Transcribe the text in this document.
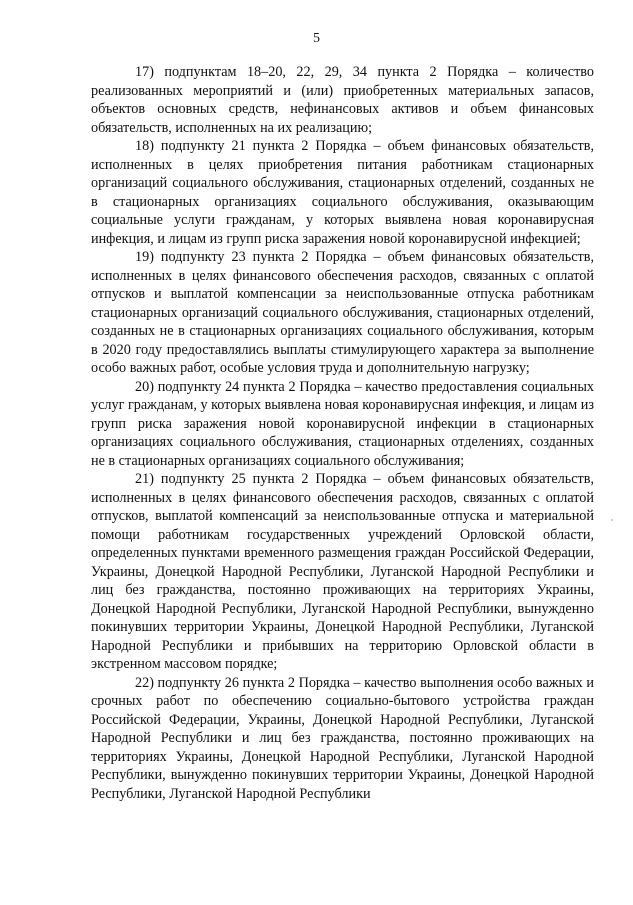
5

17) подпунктам 18–20, 22, 29, 34 пункта 2 Порядка – количество реализованных мероприятий и (или) приобретенных материальных запасов, объектов основных средств, нефинансовых активов и объем финансовых обязательств, исполненных на их реализацию;

18) подпункту 21 пункта 2 Порядка – объем финансовых обязательств, исполненных в целях приобретения питания работникам стационарных организаций социального обслуживания, стационарных отделений, созданных не в стационарных организациях социального обслуживания, оказывающим социальные услуги гражданам, у которых выявлена новая коронавирусная инфекция, и лицам из групп риска заражения новой коронавирусной инфекцией;

19) подпункту 23 пункта 2 Порядка – объем финансовых обязательств, исполненных в целях финансового обеспечения расходов, связанных с оплатой отпусков и выплатой компенсации за неиспользованные отпуска работникам стационарных организаций социального обслуживания, стационарных отделений, созданных не в стационарных организациях социального обслуживания, которым в 2020 году предоставлялись выплаты стимулирующего характера за выполнение особо важных работ, особые условия труда и дополнительную нагрузку;

20) подпункту 24 пункта 2 Порядка – качество предоставления социальных услуг гражданам, у которых выявлена новая коронавирусная инфекция, и лицам из групп риска заражения новой коронавирусной инфекции в стационарных организациях социального обслуживания, стационарных отделениях, созданных не в стационарных организациях социального обслуживания;

21) подпункту 25 пункта 2 Порядка – объем финансовых обязательств, исполненных в целях финансового обеспечения расходов, связанных с оплатой отпусков, выплатой компенсаций за неиспользованные отпуска и материальной помощи работникам государственных учреждений Орловской области, определенных пунктами временного размещения граждан Российской Федерации, Украины, Донецкой Народной Республики, Луганской Народной Республики и лиц без гражданства, постоянно проживающих на территориях Украины, Донецкой Народной Республики, Луганской Народной Республики, вынужденно покинувших территории Украины, Донецкой Народной Республики, Луганской Народной Республики и прибывших на территорию Орловской области в экстренном массовом порядке;

22) подпункту 26 пункта 2 Порядка – качество выполнения особо важных и срочных работ по обеспечению социально-бытового устройства граждан Российской Федерации, Украины, Донецкой Народной Республики, Луганской Народной Республики и лиц без гражданства, постоянно проживающих на территориях Украины, Донецкой Народной Республики, Луганской Народной Республики, вынужденно покинувших территории Украины, Донецкой Народной Республики, Луганской Народной Республики
